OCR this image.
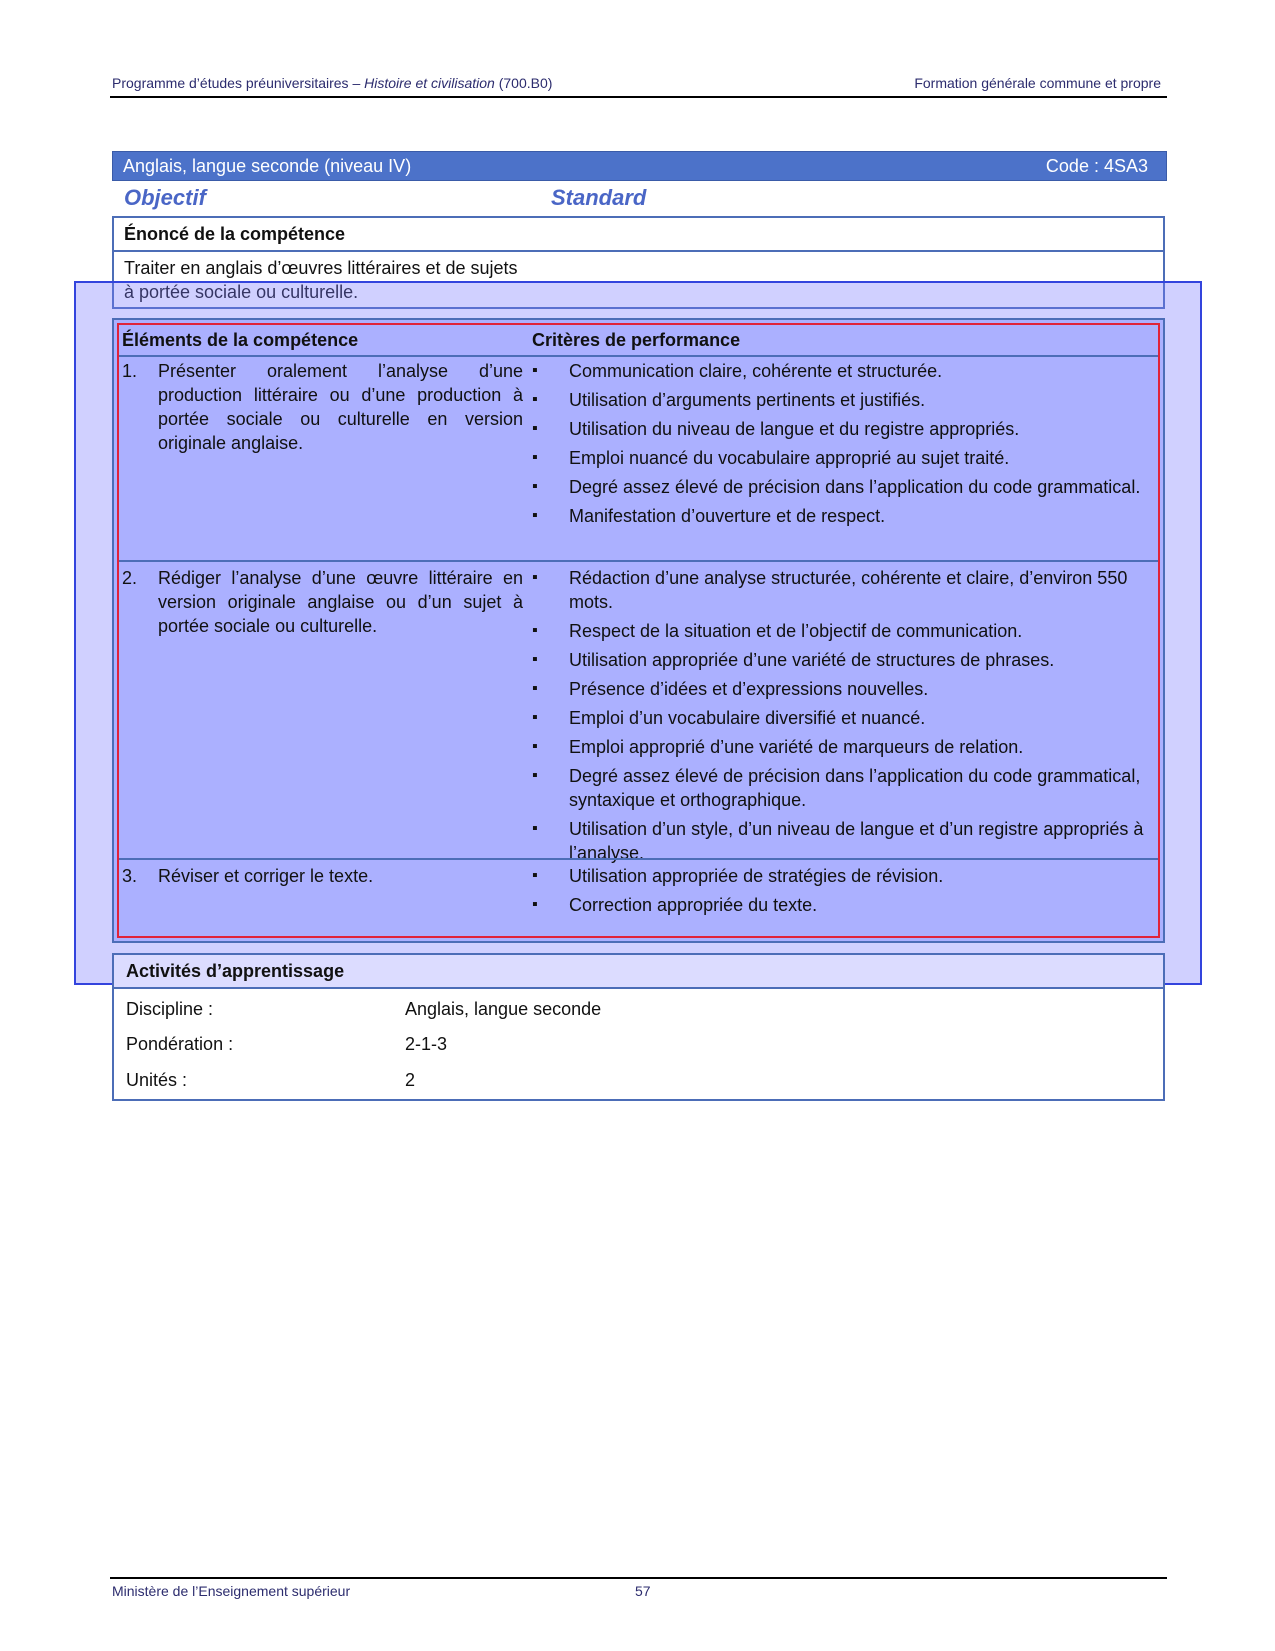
Programme d’études préuniversitaires – Histoire et civilisation (700.B0)	Formation générale commune et propre
Anglais, langue seconde (niveau IV)	Code : 4SA3
Objectif	Standard
Énoncé de la compétence
Traiter en anglais d’œuvres littéraires et de sujets à portée sociale ou culturelle.
Éléments de la compétence	Critères de performance
1. Présenter oralement l’analyse d’une production littéraire ou d’une production à portée sociale ou culturelle en version originale anglaise.
▪ Communication claire, cohérente et structurée.
▪ Utilisation d’arguments pertinents et justifiés.
▪ Utilisation du niveau de langue et du registre appropriés.
▪ Emploi nuancé du vocabulaire approprié au sujet traité.
▪ Degré assez élevé de précision dans l’application du code grammatical.
▪ Manifestation d’ouverture et de respect.
2. Rédiger l’analyse d’une œuvre littéraire en version originale anglaise ou d’un sujet à portée sociale ou culturelle.
▪ Rédaction d’une analyse structurée, cohérente et claire, d’environ 550 mots.
▪ Respect de la situation et de l’objectif de communication.
▪ Utilisation appropriée d’une variété de structures de phrases.
▪ Présence d’idées et d’expressions nouvelles.
▪ Emploi d’un vocabulaire diversifié et nuancé.
▪ Emploi approprié d’une variété de marqueurs de relation.
▪ Degré assez élevé de précision dans l’application du code grammatical, syntaxique et orthographique.
▪ Utilisation d’un style, d’un niveau de langue et d’un registre appropriés à l’analyse.
3. Réviser et corriger le texte.	▪ Utilisation appropriée de stratégies de révision.
▪ Correction appropriée du texte.
Activités d’apprentissage
Discipline :	Anglais, langue seconde
Pondération :	2-1-3
Unités :	2
Ministère de l’Enseignement supérieur	57
